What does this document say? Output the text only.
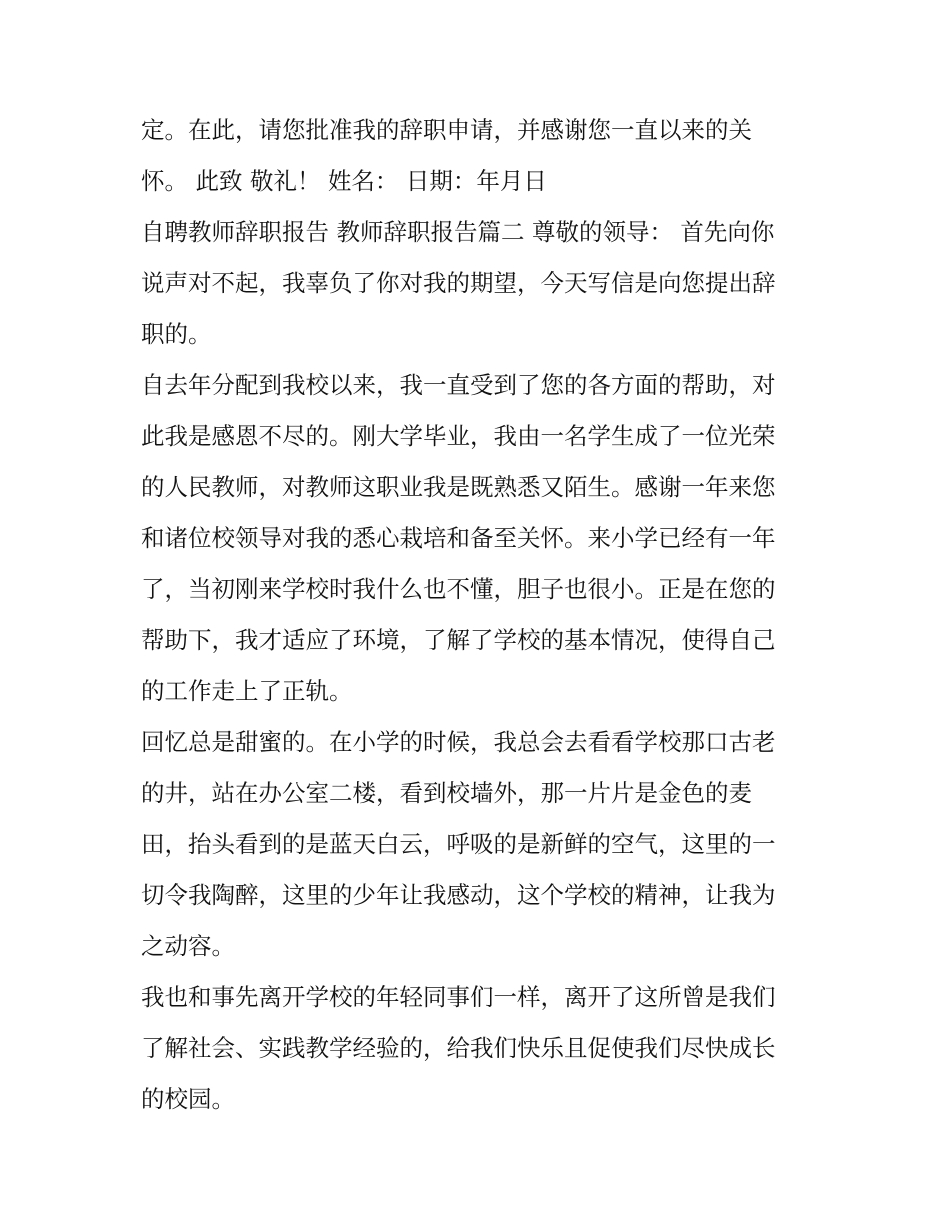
定。在此，请您批准我的辞职申请，并感谢您一直以来的关
怀。 此致 敬礼！ 姓名： 日期：年月日
自聘教师辞职报告 教师辞职报告篇二 尊敬的领导： 首先向你
说声对不起，我辜负了你对我的期望，今天写信是向您提出辞
职的。
自去年分配到我校以来，我一直受到了您的各方面的帮助，对
此我是感恩不尽的。刚大学毕业，我由一名学生成了一位光荣
的人民教师，对教师这职业我是既熟悉又陌生。感谢一年来您
和诸位校领导对我的悉心栽培和备至关怀。来小学已经有一年
了，当初刚来学校时我什么也不懂，胆子也很小。正是在您的
帮助下，我才适应了环境，了解了学校的基本情况，使得自己
的工作走上了正轨。
回忆总是甜蜜的。在小学的时候，我总会去看看学校那口古老
的井，站在办公室二楼，看到校墙外，那一片片是金色的麦
田，抬头看到的是蓝天白云，呼吸的是新鲜的空气，这里的一
切令我陶醉，这里的少年让我感动，这个学校的精神，让我为
之动容。
我也和事先离开学校的年轻同事们一样，离开了这所曾是我们
了解社会、实践教学经验的，给我们快乐且促使我们尽快成长
的校园。
